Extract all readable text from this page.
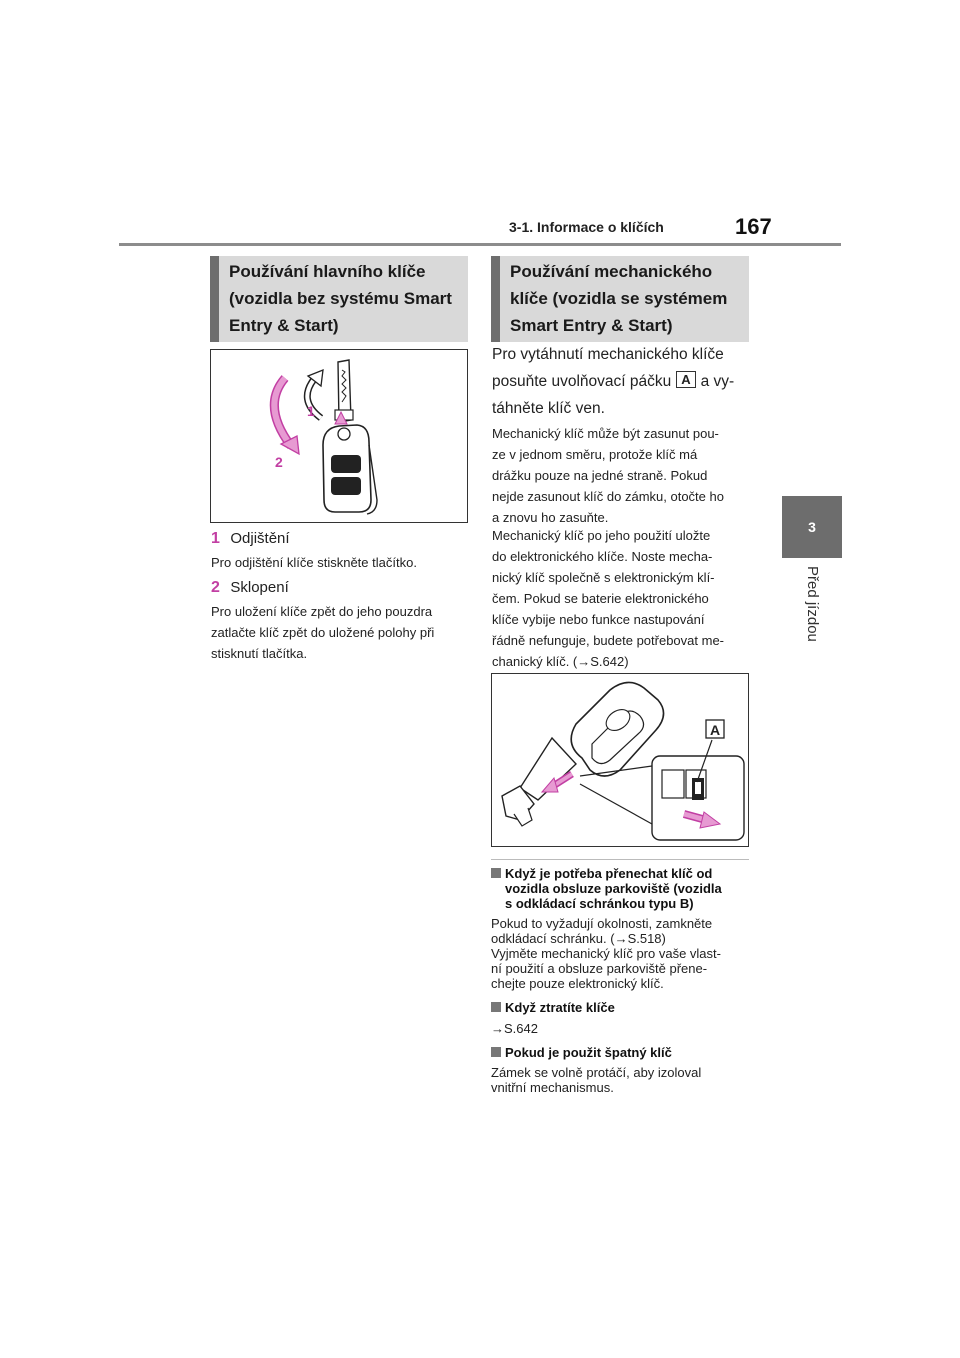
3-1. Informace o klíčích	167
3
Před jízdou
Používání hlavního klíče
(vozidla bez systému Smart
Entry & Start)
1
2
1 Odjištění
Pro odjištění klíče stiskněte tlačítko.
2 Sklopení
Pro uložení klíče zpět do jeho pouzdra
zatlačte klíč zpět do uložené polohy při
stisknutí tlačítka.
Používání mechanického
klíče (vozidla se systémem
Smart Entry & Start)
Pro vytáhnutí mechanického klíče
posuňte uvolňovací páčku A a vy-
táhněte klíč ven.
Mechanický klíč může být zasunut pou-
ze v jednom směru, protože klíč má
drážku pouze na jedné straně. Pokud
nejde zasunout klíč do zámku, otočte ho
a znovu ho zasuňte.
Mechanický klíč po jeho použití uložte
do elektronického klíče. Noste mecha-
nický klíč společně s elektronickým klí-
čem. Pokud se baterie elektronického
klíče vybije nebo funkce nastupování
řádně nefunguje, budete potřebovat me-
chanický klíč. (→S.642)
A
Když je potřeba přenechat klíč od
vozidla obsluze parkoviště (vozidla
s odkládací schránkou typu B)
Pokud to vyžadují okolnosti, zamkněte
odkládací schránku. (→S.518)
Vyjměte mechanický klíč pro vaše vlast-
ní použití a obsluze parkoviště přene-
chejte pouze elektronický klíč.
Když ztratíte klíče
→S.642
Pokud je použit špatný klíč
Zámek se volně protáčí, aby izoloval
vnitřní mechanismus.
